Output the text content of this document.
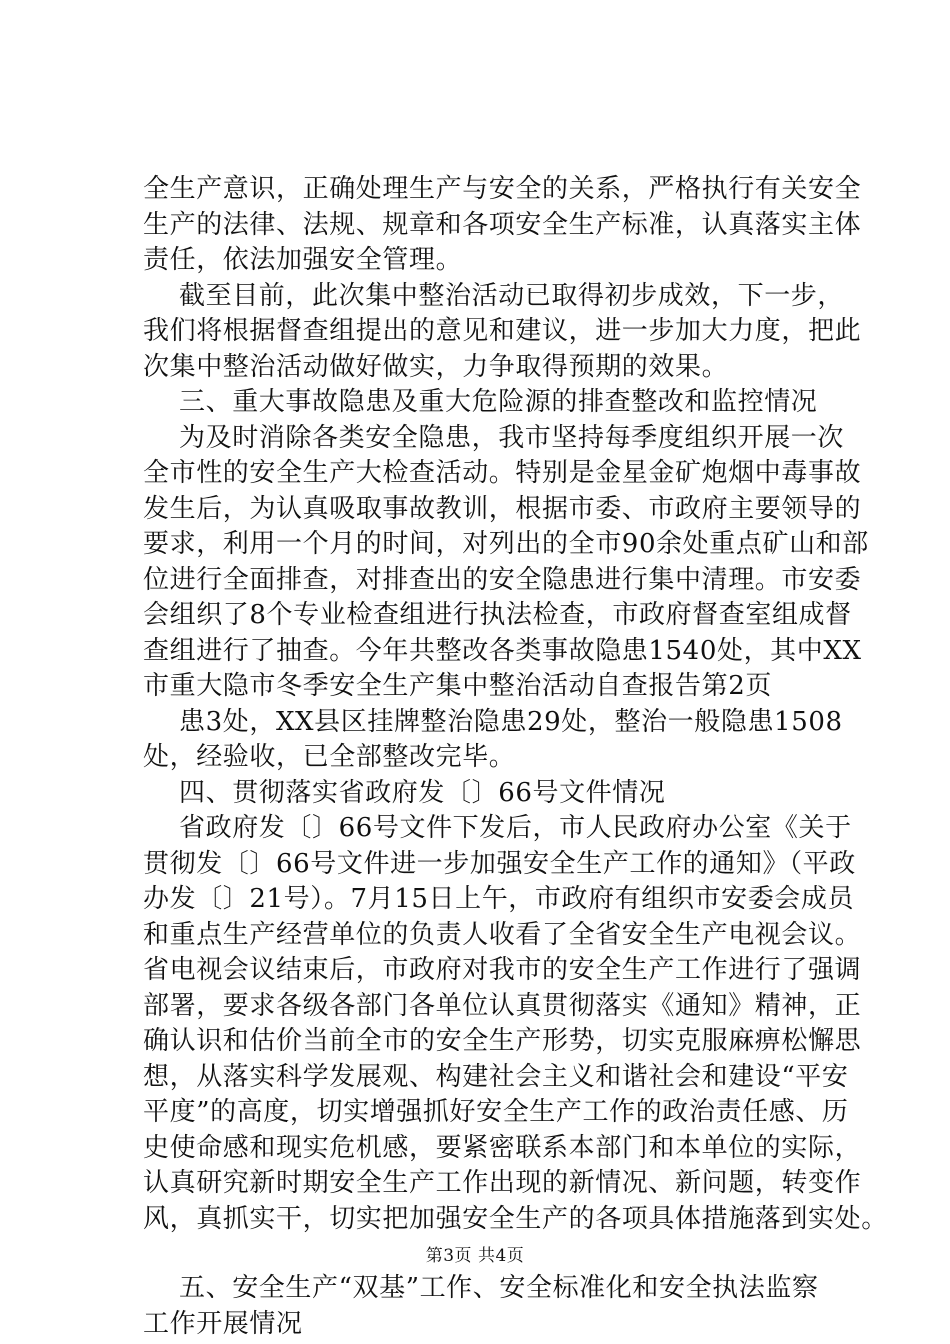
全生产意识，正确处理生产与安全的关系，严格执行有关安全
生产的法律、法规、规章和各项安全生产标准，认真落实主体
责任，依法加强安全管理。
截至目前，此次集中整治活动已取得初步成效，下一步，
我们将根据督查组提出的意见和建议，进一步加大力度，把此
次集中整治活动做好做实，力争取得预期的效果。
三、重大事故隐患及重大危险源的排查整改和监控情况
为及时消除各类安全隐患，我市坚持每季度组织开展一次
全市性的安全生产大检查活动。特别是金星金矿炮烟中毒事故
发生后，为认真吸取事故教训，根据市委、市政府主要领导的
要求，利用一个月的时间，对列出的全市90余处重点矿山和部
位进行全面排查，对排查出的安全隐患进行集中清理。市安委
会组织了8个专业检查组进行执法检查，市政府督查室组成督
查组进行了抽查。今年共整改各类事故隐患1540处，其中XX
市重大隐市冬季安全生产集中整治活动自查报告第2页
患3处，XX县区挂牌整治隐患29处，整治一般隐患1508
处，经验收，已全部整改完毕。
四、贯彻落实省政府发〔〕66号文件情况
省政府发〔〕66号文件下发后，市人民政府办公室《关于
贯彻发〔〕66号文件进一步加强安全生产工作的通知》（平政
办发〔〕21号）。7月15日上午，市政府有组织市安委会成员
和重点生产经营单位的负责人收看了全省安全生产电视会议。
省电视会议结束后，市政府对我市的安全生产工作进行了强调
部署，要求各级各部门各单位认真贯彻落实《通知》精神，正
确认识和估价当前全市的安全生产形势，切实克服麻痹松懈思
想，从落实科学发展观、构建社会主义和谐社会和建设“平安
平度”的高度，切实增强抓好安全生产工作的政治责任感、历
史使命感和现实危机感，要紧密联系本部门和本单位的实际，
认真研究新时期安全生产工作出现的新情况、新问题，转变作
风，真抓实干，切实把加强安全生产的各项具体措施落到实处。
五、安全生产“双基”工作、安全标准化和安全执法监察
工作开展情况
第3页 共4页
